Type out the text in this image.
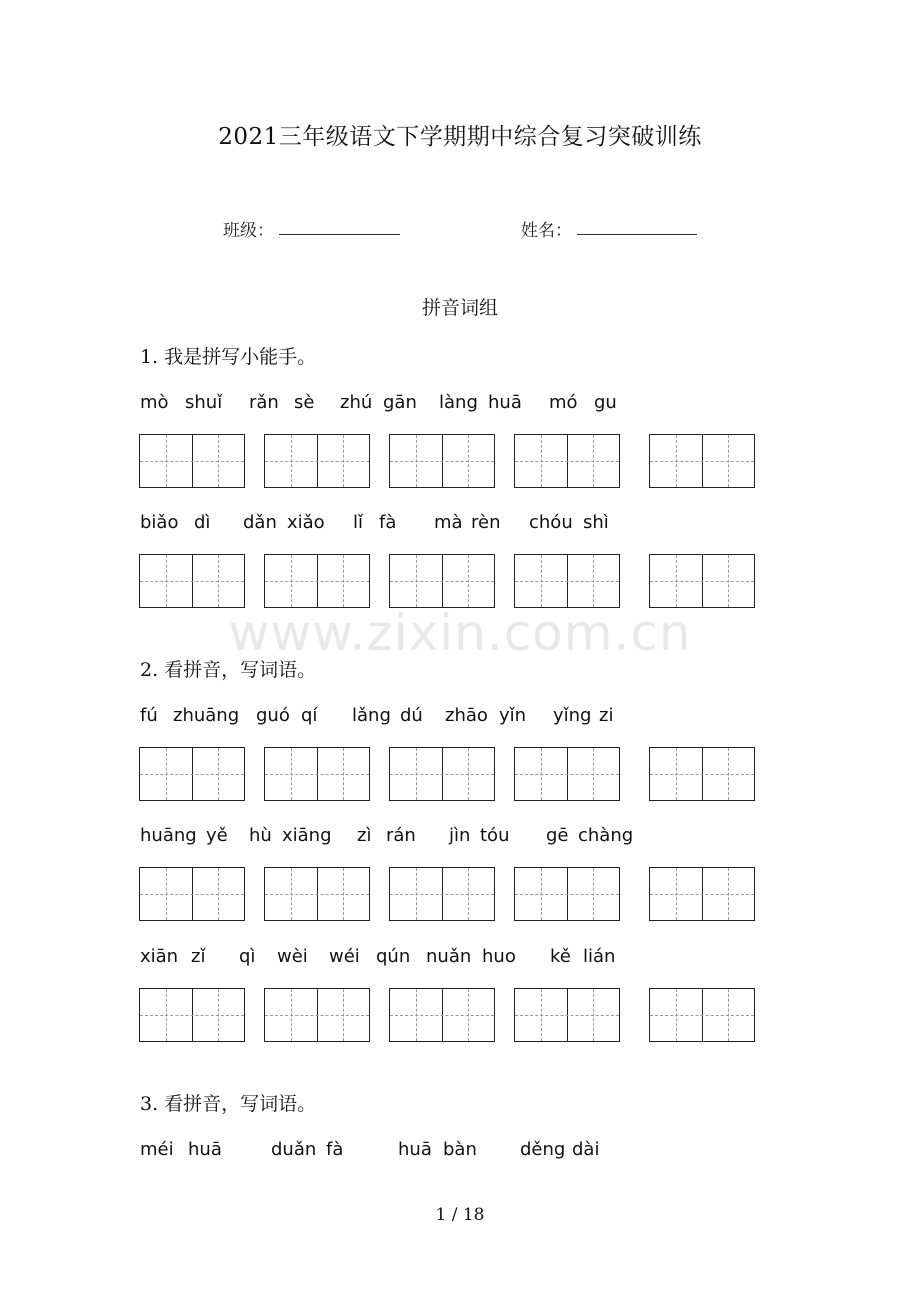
2021三年级语文下学期期中综合复习突破训练
班级：	姓名：
拼音词组
1. 我是拼写小能手。
mò shuǐ rǎn sè zhú gān làng huā mó gu
biǎo dì dǎn xiǎo lǐ fà mà rèn chóu shì
www.zixin.com.cn
2. 看拼音，写词语。
fú zhuāng guó qí lǎng dú zhāo yǐn yǐng zi
huāng yě hù xiāng zì rán jìn tóu gē chàng
xiān zǐ qì wèi wéi qún nuǎn huo kě lián
3. 看拼音，写词语。
méi huā	duǎn fà	huā bàn děng dài
1 / 18
